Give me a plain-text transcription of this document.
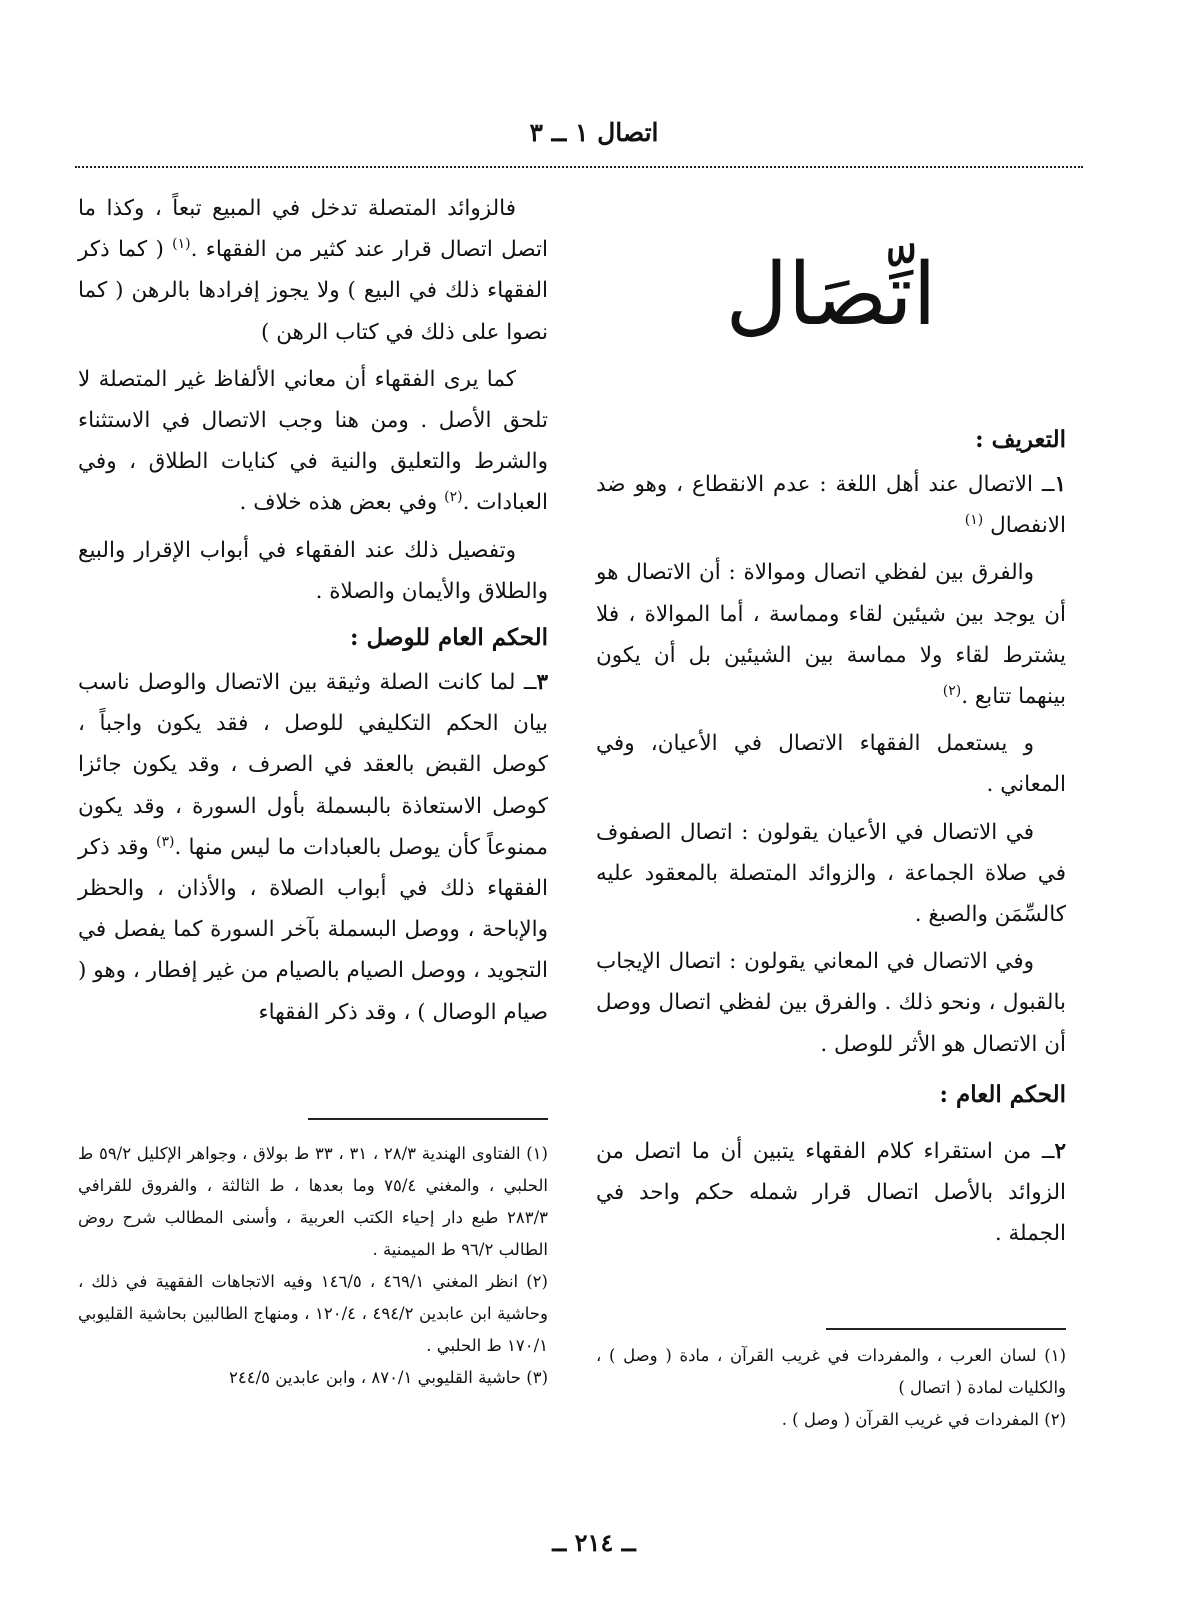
اتصال ١ ــ ٣
اتِّصَال
التعريف :

١ــ الاتصال عند أهل اللغة : عدم الانقطاع ، وهو ضد الانفصال $^{(١)}$

والفرق بين لفظي اتصال وموالاة : أن الاتصال هو أن يوجد بين شيئين لقاء ومماسة ، أما الموالاة ، فلا يشترط لقاء ولا مماسة بين الشيئين بل أن يكون بينهما تتابع .$^{(٢)}$

و يستعمل الفقهاء الاتصال في الأعيان، وفي المعاني .

في الاتصال في الأعيان يقولون : اتصال الصفوف في صلاة الجماعة ، والزوائد المتصلة بالمعقود عليه كالسِّمَن والصبغ .

وفي الاتصال في المعاني يقولون : اتصال الإيجاب بالقبول ، ونحو ذلك . والفرق بين لفظي اتصال ووصل أن الاتصال هو الأثر للوصل .

الحكم العام :

٢ــ من استقراء كلام الفقهاء يتبين أن ما اتصل من الزوائد بالأصل اتصال قرار شمله حكم واحد في الجملة .

(١) لسان العرب ، والمفردات في غريب القرآن ، مادة ( وصل ) ، والكليات لمادة ( اتصال )

(٢) المفردات في غريب القرآن ( وصل ) .

فالزوائد المتصلة تدخل في المبيع تبعاً ، وكذا ما اتصل اتصال قرار عند كثير من الفقهاء .$^{(١)}$ ( كما ذكر الفقهاء ذلك في البيع ) ولا يجوز إفرادها بالرهن ( كما نصوا على ذلك في كتاب الرهن )

كما يرى الفقهاء أن معاني الألفاظ غير المتصلة لا تلحق الأصل . ومن هنا وجب الاتصال في الاستثناء والشرط والتعليق والنية في كنايات الطلاق ، وفي العبادات .$^{(٢)}$ وفي بعض هذه خلاف .

وتفصيل ذلك عند الفقهاء في أبواب الإقرار والبيع والطلاق والأيمان والصلاة .

الحكم العام للوصل :

٣ــ لما كانت الصلة وثيقة بين الاتصال والوصل ناسب بيان الحكم التكليفي للوصل ، فقد يكون واجباً ، كوصل القبض بالعقد في الصرف ، وقد يكون جائزا كوصل الاستعاذة بالبسملة بأول السورة ، وقد يكون ممنوعاً كأن يوصل بالعبادات ما ليس منها .$^{(٣)}$ وقد ذكر الفقهاء ذلك في أبواب الصلاة ، والأذان ، والحظر والإباحة ، ووصل البسملة بآخر السورة كما يفصل في التجويد ، ووصل الصيام بالصيام من غير إفطار ، وهو ( صيام الوصال ) ، وقد ذكر الفقهاء

(١) الفتاوى الهندية ٢٨/٣ ، ٣١ ، ٣٣ ط بولاق ، وجواهر الإكليل ٥٩/٢ ط الحلبي ، والمغني ٧٥/٤ وما بعدها ، ط الثالثة ، والفروق للقرافي ٢٨٣/٣ طبع دار إحياء الكتب العربية ، وأسنى المطالب شرح روض الطالب ٩٦/٢ ط الميمنية .

(٢) انظر المغني ٤٦٩/١ ، ١٤٦/٥ وفيه الاتجاهات الفقهية في ذلك ، وحاشية ابن عابدين ٤٩٤/٢ ، ١٢٠/٤ ، ومنهاج الطالبين بحاشية القليوبي ١٧٠/١ ط الحلبي .

(٣) حاشية القليوبي ٨٧٠/١ ، وابن عابدين ٢٤٤/٥

ــ ٢١٤ ــ
